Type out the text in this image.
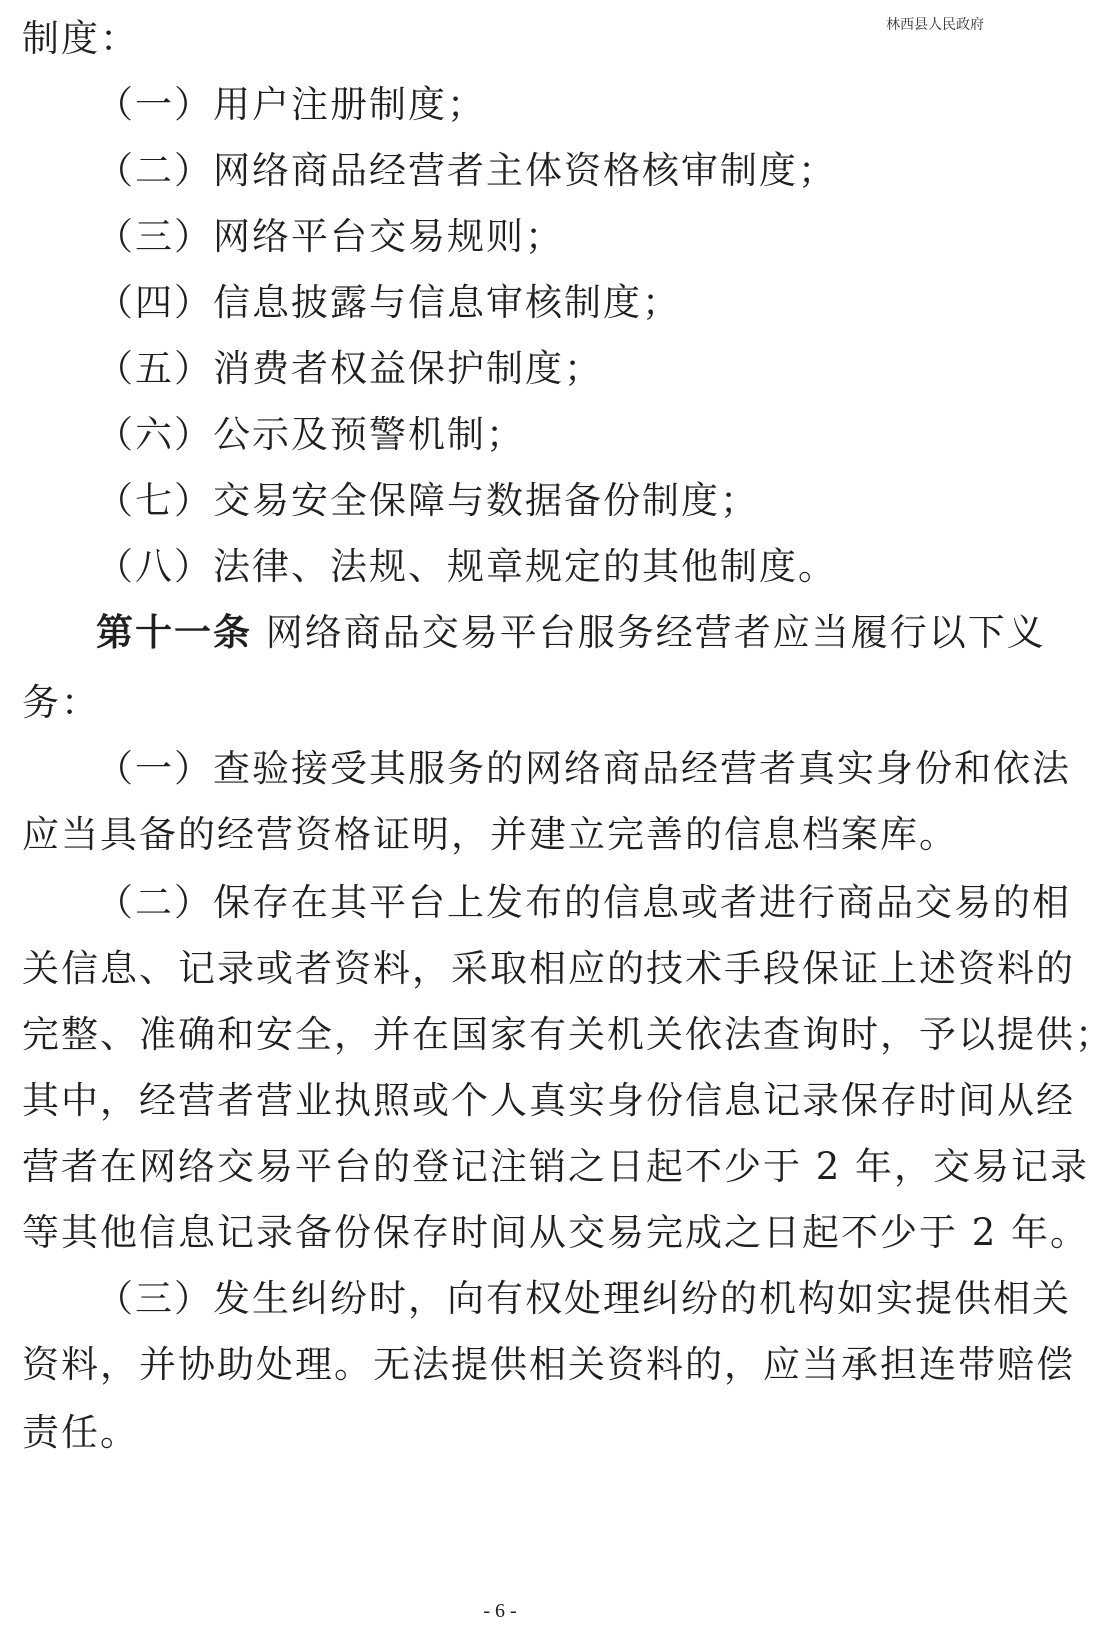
林西县人民政府
制度：
（一）用户注册制度；
（二）网络商品经营者主体资格核审制度；
（三）网络平台交易规则；
（四）信息披露与信息审核制度；
（五）消费者权益保护制度；
（六）公示及预警机制；
（七）交易安全保障与数据备份制度；
（八）法律、法规、规章规定的其他制度。
第十一条 网络商品交易平台服务经营者应当履行以下义
务：
（一）查验接受其服务的网络商品经营者真实身份和依法
应当具备的经营资格证明，并建立完善的信息档案库。
（二）保存在其平台上发布的信息或者进行商品交易的相
关信息、记录或者资料，采取相应的技术手段保证上述资料的
完整、准确和安全，并在国家有关机关依法查询时，予以提供；
其中，经营者营业执照或个人真实身份信息记录保存时间从经
营者在网络交易平台的登记注销之日起不少于 2 年，交易记录
等其他信息记录备份保存时间从交易完成之日起不少于 2 年。
（三）发生纠纷时，向有权处理纠纷的机构如实提供相关
资料，并协助处理。无法提供相关资料的，应当承担连带赔偿
责任。
- 6 -
